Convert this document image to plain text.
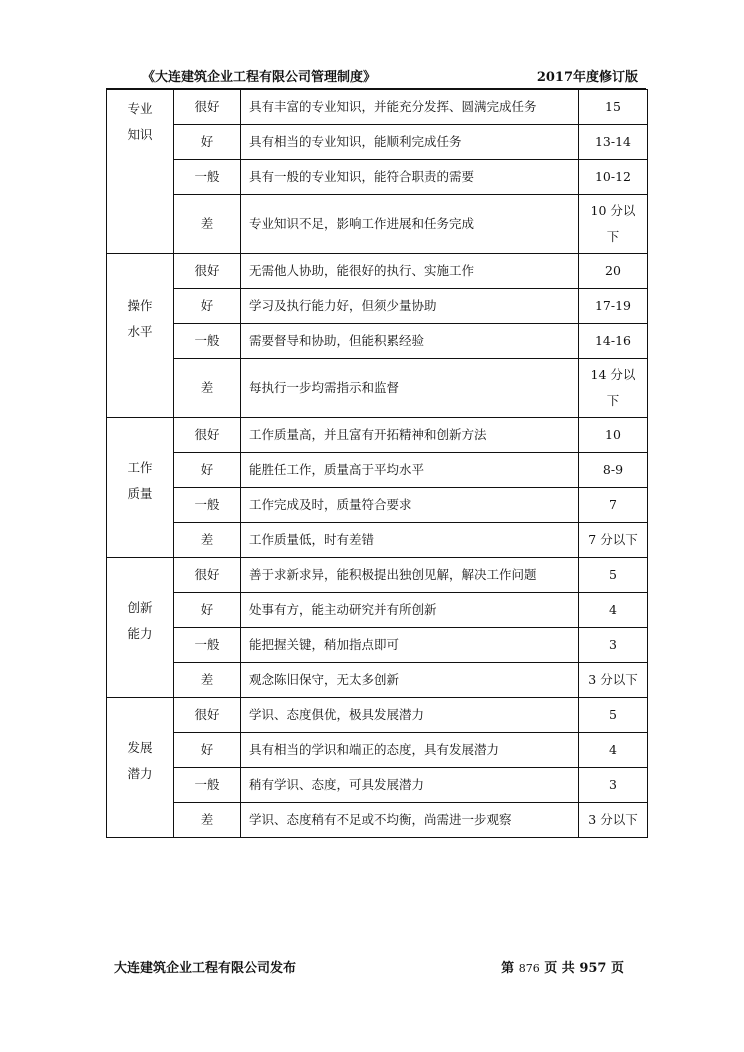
《大连建筑企业工程有限公司管理制度》	2017年度修订版
专业
知识	很好	具有丰富的专业知识，并能充分发挥、圆满完成任务	15
	好	具有相当的专业知识，能顺利完成任务	13-14
	一般	具有一般的专业知识，能符合职责的需要	10-12
	差	专业知识不足，影响工作进展和任务完成	10 分以
下

操作
水平	很好	无需他人协助，能很好的执行、实施工作	20
	好	学习及执行能力好，但须少量协助	17-19
	一般	需要督导和协助，但能积累经验	14-16
	差	每执行一步均需指示和监督	14 分以
下

工作
质量	很好	工作质量高，并且富有开拓精神和创新方法	10
	好	能胜任工作，质量高于平均水平	8-9
	一般	工作完成及时，质量符合要求	7
	差	工作质量低，时有差错	7 分以下

创新
能力	很好	善于求新求异，能积极提出独创见解，解决工作问题	5
	好	处事有方，能主动研究并有所创新	4
	一般	能把握关键，稍加指点即可	3
	差	观念陈旧保守，无太多创新	3 分以下

发展
潜力	很好	学识、态度俱优，极具发展潜力	5
	好	具有相当的学识和端正的态度，具有发展潜力	4
	一般	稍有学识、态度，可具发展潜力	3
	差	学识、态度稍有不足或不均衡，尚需进一步观察	3 分以下
大连建筑企业工程有限公司发布	第 876 页 共 957 页
